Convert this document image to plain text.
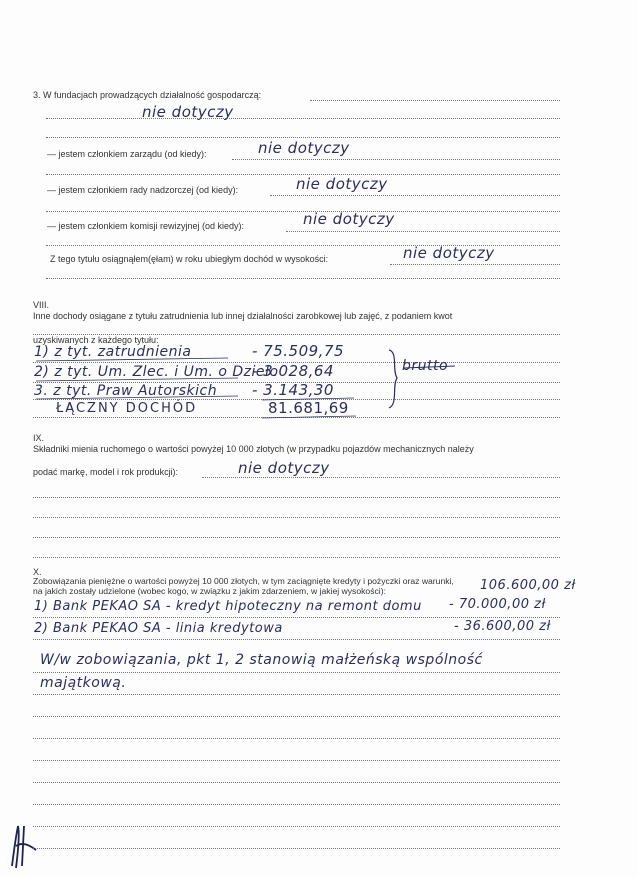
3. W fundacjach prowadzących działalność gospodarczą:
nie dotyczy
— jestem członkiem zarządu (od kiedy):	nie dotyczy
— jestem członkiem rady nadzorczej (od kiedy):	nie dotyczy
— jestem członkiem komisji rewizyjnej (od kiedy):	nie dotyczy
Z tego tytułu osiągnąłem(ęłam) w roku ubiegłym dochód w wysokości:	nie dotyczy
VIII.
Inne dochody osiągane z tytułu zatrudnienia lub innej działalności zarobkowej lub zajęć, z podaniem kwot
uzyskiwanych z każdego tytułu:
1) z tyt. zatrudnienia	- 75.509,75
2) z tyt. Um. Zlec. i Um. o Dzieło
- 3.028,64
3. z tyt. Praw Autorskich - 3.143,30
ŁĄCZNY DOCHÓD	81.681,69
brutto
IX.
Składniki mienia ruchomego o wartości powyżej 10 000 złotych (w przypadku pojazdów mechanicznych należy
podać markę, model i rok produkcji):	nie dotyczy
X.
Zobowiązania pieniężne o wartości powyżej 10 000 złotych, w tym zaciągnięte kredyty i pożyczki oraz warunki,
na jakich zostały udzielone (wobec kogo, w związku z jakim zdarzeniem, w jakiej wysokości):	106.600,00 zł
1) Bank PEKAO SA - kredyt hipoteczny na remont domu - 70.000,00 zł
2) Bank PEKAO SA - linia kredytowa	- 36.600,00 zł
W/w zobowiązania, pkt 1, 2 stanowią małżeńską wspólność
majątkową.
